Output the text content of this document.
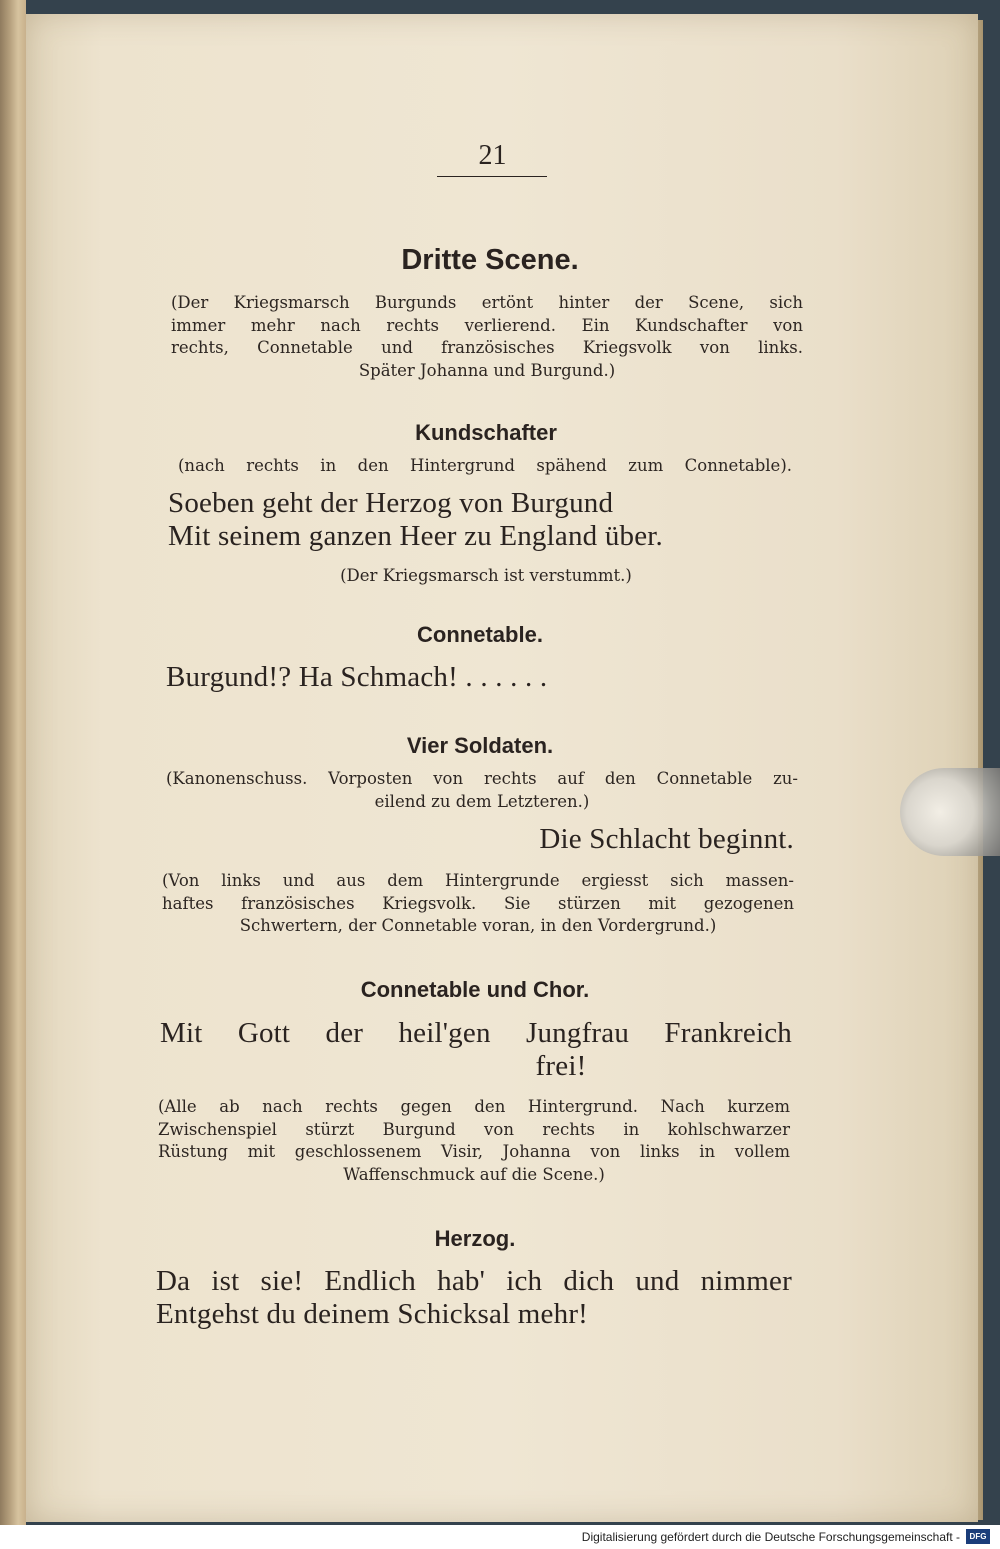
21
Dritte Scene.
(Der Kriegsmarsch Burgunds ertönt hinter der Scene, sich
immer mehr nach rechts verlierend. Ein Kundschafter von
rechts, Connetable und französisches Kriegsvolk von links.
Später Johanna und Burgund.)
Kundschafter
(nach rechts in den Hintergrund spähend zum Connetable).
Soeben geht der Herzog von Burgund
Mit seinem ganzen Heer zu England über.
(Der Kriegsmarsch ist verstummt.)
Connetable.
Burgund!? Ha Schmach! . . . . . .
Vier Soldaten.
(Kanonenschuss. Vorposten von rechts auf den Connetable zu-
eilend zu dem Letzteren.)
Die Schlacht beginnt.
(Von links und aus dem Hintergrunde ergiesst sich massen-
haftes französisches Kriegsvolk. Sie stürzen mit gezogenen
Schwertern, der Connetable voran, in den Vordergrund.)
Connetable und Chor.
Mit Gott der heil'gen Jungfrau Frankreich
frei!
(Alle ab nach rechts gegen den Hintergrund. Nach kurzem
Zwischenspiel stürzt Burgund von rechts in kohlschwarzer
Rüstung mit geschlossenem Visir, Johanna von links in vollem
Waffenschmuck auf die Scene.)
Herzog.
Da ist sie! Endlich hab' ich dich und nimmer
Entgehst du deinem Schicksal mehr!
Digitalisierung gefördert durch die Deutsche Forschungsgemeinschaft -	DFG
